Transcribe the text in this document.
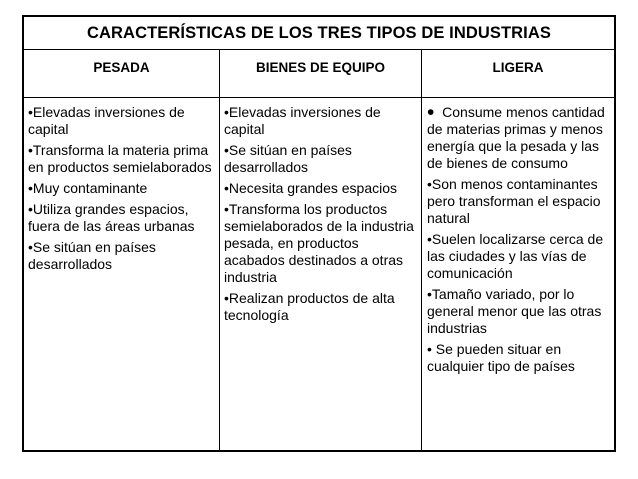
CARACTERÍSTICAS DE LOS TRES TIPOS DE INDUSTRIAS
PESADA	BIENES DE EQUIPO	LIGERA

•Elevadas inversiones de capital

•Transforma la materia prima en productos semielaborados

•Muy contaminante

•Utiliza grandes espacios, fuera de las áreas urbanas

•Se sitúan en países desarrollados

•Elevadas inversiones de capital

•Se sitúan en países desarrollados

•Necesita grandes espacios

•Transforma los productos semielaborados de la industria pesada, en productos acabados destinados a otras industria

•Realizan productos de alta tecnología

•  Consume menos cantidad de materias primas y menos energía que la pesada y las de bienes de consumo

•Son menos contaminantes pero transforman el espacio natural

•Suelen localizarse cerca de las ciudades y las vías de comunicación

•Tamaño variado, por lo general menor que las otras industrias

• Se pueden situar en cualquier tipo de países
